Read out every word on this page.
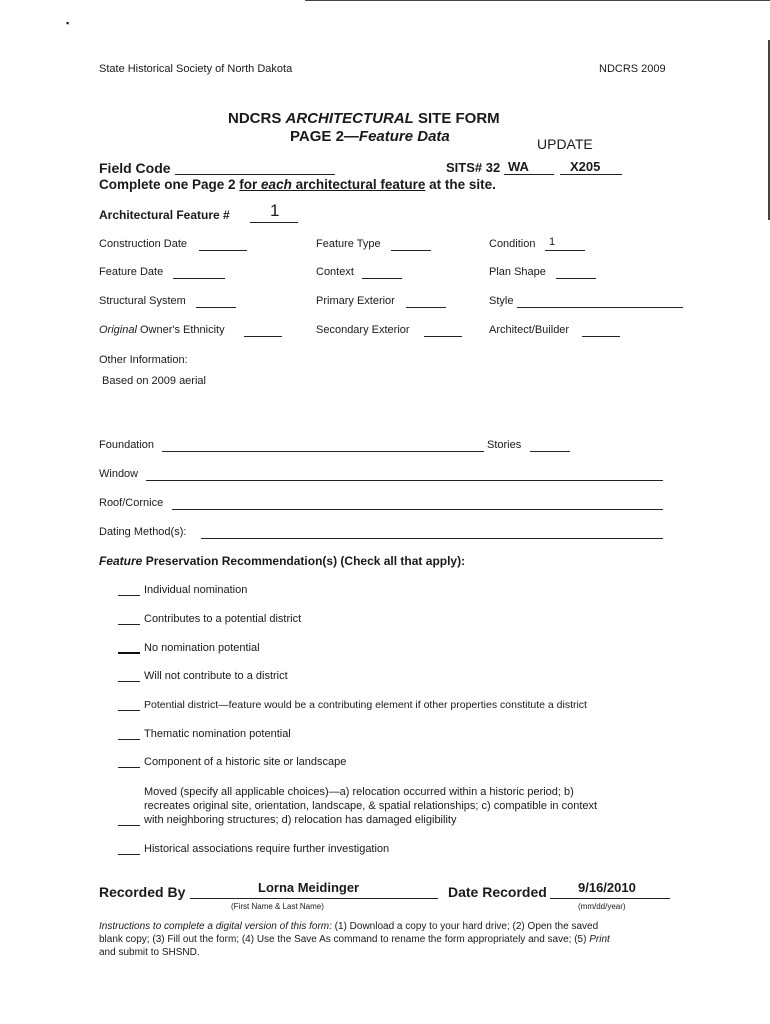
▪
State Historical Society of North Dakota	NDCRS 2009
NDCRS ARCHITECTURAL SITE FORM
PAGE 2—Feature Data	UPDATE
Field Code	SITS# 32 WA	X205
Complete one Page 2 for each architectural feature at the site.
Architectural Feature # 1
Construction Date	Feature Type	Condition 1
Feature Date	Context	Plan Shape
Structural System	Primary Exterior	Style
Original Owner's Ethnicity	Secondary Exterior	Architect/Builder
Other Information:
Based on 2009 aerial
Foundation	Stories
Window
Roof/Cornice
Dating Method(s):
Feature Preservation Recommendation(s) (Check all that apply):
Individual nomination
Contributes to a potential district
No nomination potential
Will not contribute to a district
Potential district—feature would be a contributing element if other properties constitute a district
Thematic nomination potential
Component of a historic site or landscape
Moved (specify all applicable choices)—a) relocation occurred within a historic period; b)
recreates original site, orientation, landscape, & spatial relationships; c) compatible in context
with neighboring structures; d) relocation has damaged eligibility
Historical associations require further investigation
Recorded By	Lorna Meidinger
(First Name & Last Name)
Date Recorded 9/16/2010
(mm/dd/year)
Instructions to complete a digital version of this form: (1) Download a copy to your hard drive; (2) Open the saved
blank copy; (3) Fill out the form; (4) Use the Save As command to rename the form appropriately and save; (5) Print
and submit to SHSND.
